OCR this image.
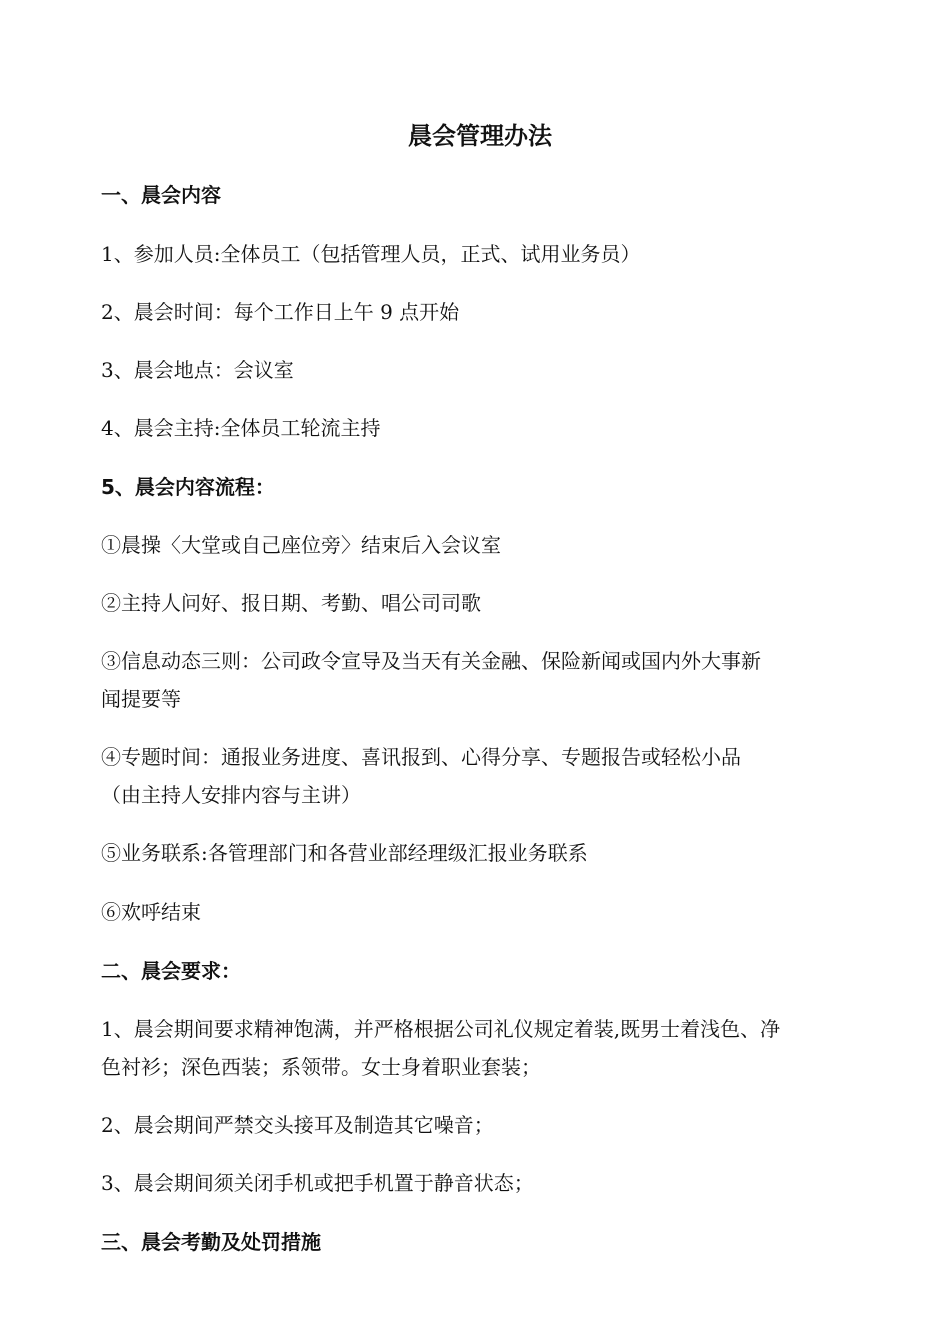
晨会管理办法
一、晨会内容
1、参加人员:全体员工（包括管理人员，正式、试用业务员）
2、晨会时间：每个工作日上午 9 点开始
3、晨会地点：会议室
4、晨会主持:全体员工轮流主持
5、晨会内容流程：
①晨操〈大堂或自己座位旁〉结束后入会议室
②主持人问好、报日期、考勤、唱公司司歌
③信息动态三则：公司政令宣导及当天有关金融、保险新闻或国内外大事新
闻提要等
④专题时间：通报业务进度、喜讯报到、心得分享、专题报告或轻松小品
（由主持人安排内容与主讲）
⑤业务联系:各管理部门和各营业部经理级汇报业务联系
⑥欢呼结束
二、晨会要求：
1、晨会期间要求精神饱满，并严格根据公司礼仪规定着装,既男士着浅色、净
色衬衫；深色西装；系领带。女士身着职业套装；
2、晨会期间严禁交头接耳及制造其它噪音；
3、晨会期间须关闭手机或把手机置于静音状态；
三、晨会考勤及处罚措施
